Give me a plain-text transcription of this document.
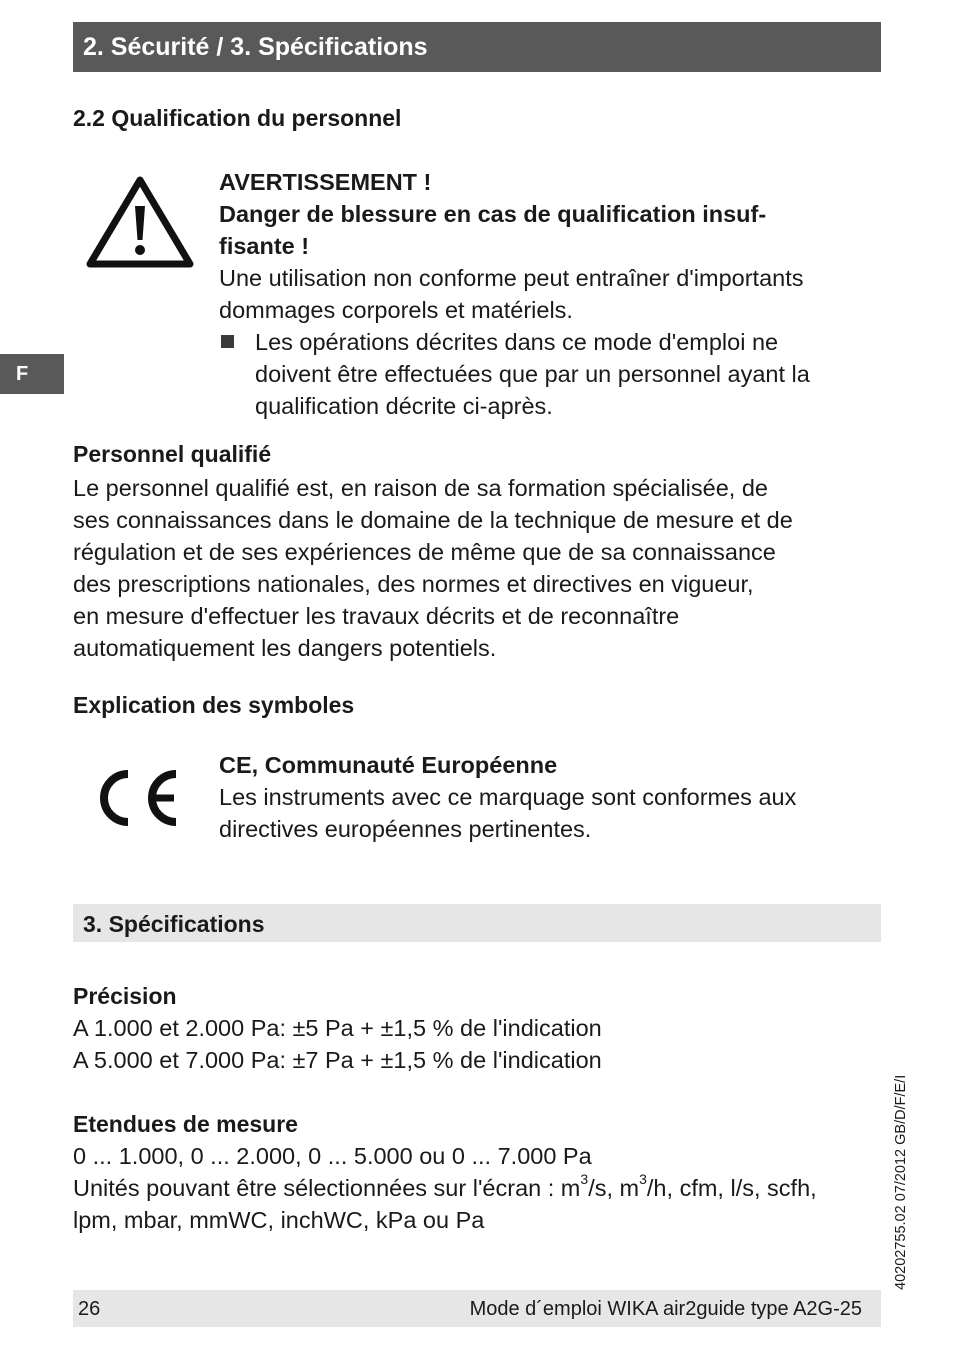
2. Sécurité / 3. Spécifications
F
2.2 Qualification du personnel
AVERTISSEMENT !
Danger de blessure en cas de qualification insuf-
fisante !
Une utilisation non conforme peut entraîner d'importants
dommages corporels et matériels.
Les opérations décrites dans ce mode d'emploi ne
doivent être effectuées que par un personnel ayant la
qualification décrite ci-après.
Personnel qualifié
Le personnel qualifié est, en raison de sa formation spécialisée, de
ses connaissances dans le domaine de la technique de mesure et de
régulation et de ses expériences de même que de sa connaissance
des prescriptions nationales, des normes et directives en vigueur,
en mesure d'effectuer les travaux décrits et de reconnaître
automatiquement les dangers potentiels.
Explication des symboles
CE, Communauté Européenne
Les instruments avec ce marquage sont conformes aux
directives européennes pertinentes.
3. Spécifications
Précision
A 1.000 et 2.000 Pa: ±5 Pa + ±1,5 % de l'indication
A 5.000 et 7.000 Pa: ±7 Pa + ±1,5 % de l'indication
Etendues de mesure
0 ... 1.000, 0 ... 2.000, 0 ... 5.000 ou 0 ... 7.000 Pa
Unités pouvant être sélectionnées sur l'écran : $m^3/s$, $m^3/h$, cfm, l/s, scfh,
lpm, mbar, mmWC, inchWC, kPa ou Pa	40202755.02 07/2012 GB/D/F/E/I
26	Mode d´emploi WIKA air2guide type A2G-25
